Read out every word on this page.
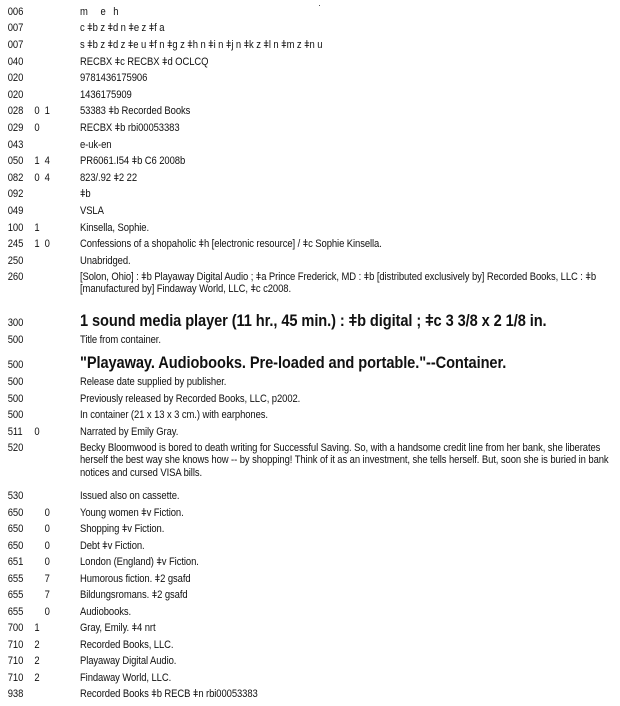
006	m     e   h
007	c ǂb z ǂd n ǂe z ǂf a
007	s ǂb z ǂd z ǂe u ǂf n ǂg z ǂh n ǂi n ǂj n ǂk z ǂl n ǂm z ǂn u
040	RECBX ǂc RECBX ǂd OCLCQ
020	9781436175906
020	1436175909
028	0  1	53383 ǂb Recorded Books
029	0	RECBX ǂb rbi00053383
043	e-uk-en
050	1  4	PR6061.I54 ǂb C6 2008b
082	0  4	823/.92 ǂ2 22
092	ǂb
049	VSLA
100	1	Kinsella, Sophie.
245	1  0	Confessions of a shopaholic ǂh [electronic resource] / ǂc Sophie Kinsella.
250	Unabridged.
260	[Solon, Ohio] : ǂb Playaway Digital Audio ; ǂa Prince Frederick, MD : ǂb [distributed exclusively by] Recorded Books, LLC : ǂb [manufactured by] Findaway World, LLC, ǂc c2008.
300	1 sound media player (11 hr., 45 min.) : ǂb digital ; ǂc 3 3/8 x 2 1/8 in.
500	Title from container.
500	"Playaway. Audiobooks. Pre-loaded and portable."--Container.
500	Release date supplied by publisher.
500	Previously released by Recorded Books, LLC, p2002.
500	In container (21 x 13 x 3 cm.) with earphones.
511	0	Narrated by Emily Gray.
520	Becky Bloomwood is bored to death writing for Successful Saving. So, with a handsome credit line from her bank, she liberates herself the best way she knows how -- by shopping! Think of it as an investment, she tells herself. But, soon she is buried in bank notices and cursed VISA bills.
530	Issued also on cassette.
650	0	Young women ǂv Fiction.
650	0	Shopping ǂv Fiction.
650	0	Debt ǂv Fiction.
651	0	London (England) ǂv Fiction.
655	7	Humorous fiction. ǂ2 gsafd
655	7	Bildungsromans. ǂ2 gsafd
655	0	Audiobooks.
700	1	Gray, Emily. ǂ4 nrt
710	2	Recorded Books, LLC.
710	2	Playaway Digital Audio.
710	2	Findaway World, LLC.
938	Recorded Books ǂb RECB ǂn rbi00053383
